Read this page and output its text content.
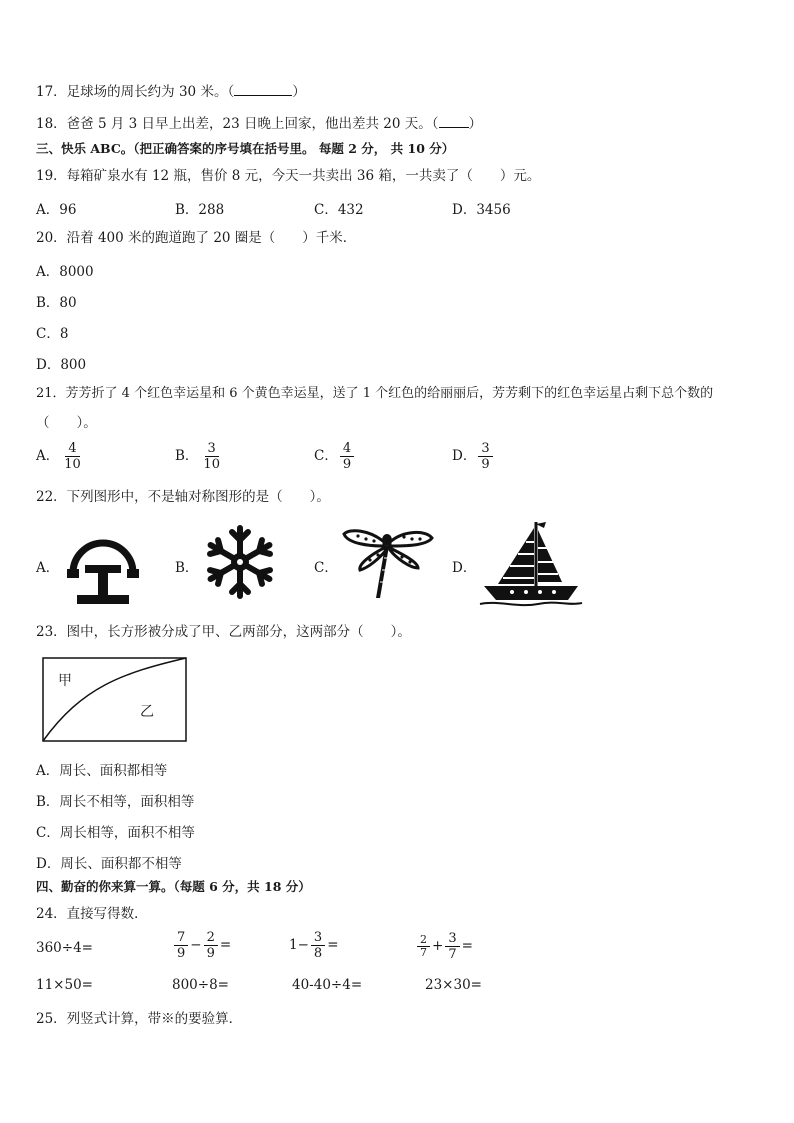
17．足球场的周长约为 30 米。（	）
18．爸爸 5 月 3 日早上出差，23 日晚上回家，他出差共 20 天。（ ）
三、快乐 ABC。（把正确答案的序号填在括号里。 每题 2 分， 共 10 分）
19．每箱矿泉水有 12 瓶，售价 8 元，今天一共卖出 36 箱，一共卖了（　　）元。
A．96	B．288	C．432	D．3456
20．沿着 400 米的跑道跑了 20 圈是（　　）千米．
A．8000
B．80
C．8
D．800
21．芳芳折了 4 个红色幸运星和 6 个黄色幸运星，送了 1 个红色的给丽丽后，芳芳剩下的红色幸运星占剩下总个数的
（　　）。
A． $\frac{4}{10}$	B． $\frac{3}{10}$	C． $\frac{4}{9}$	D． $\frac{3}{9}$
22．下列图形中，不是轴对称图形的是（　　）。
A．	B．	C．	D．
23．图中，长方形被分成了甲、乙两部分，这两部分（　　）。
甲
乙
A．周长、面积都相等
B．周长不相等，面积相等
C．周长相等，面积不相等
D．周长、面积都不相等
四、勤奋的你来算一算。（每题 6 分，共 18 分）
24．直接写得数．
360÷4=	$\frac{7}{9} - \frac{2}{9}$ =	$1- \frac{3}{8}$ =	$\frac{2}{7} + \frac{3}{7}$ =
11×50=	800÷8=	40-40÷4=	23×30=
25．列竖式计算，带※的要验算．
